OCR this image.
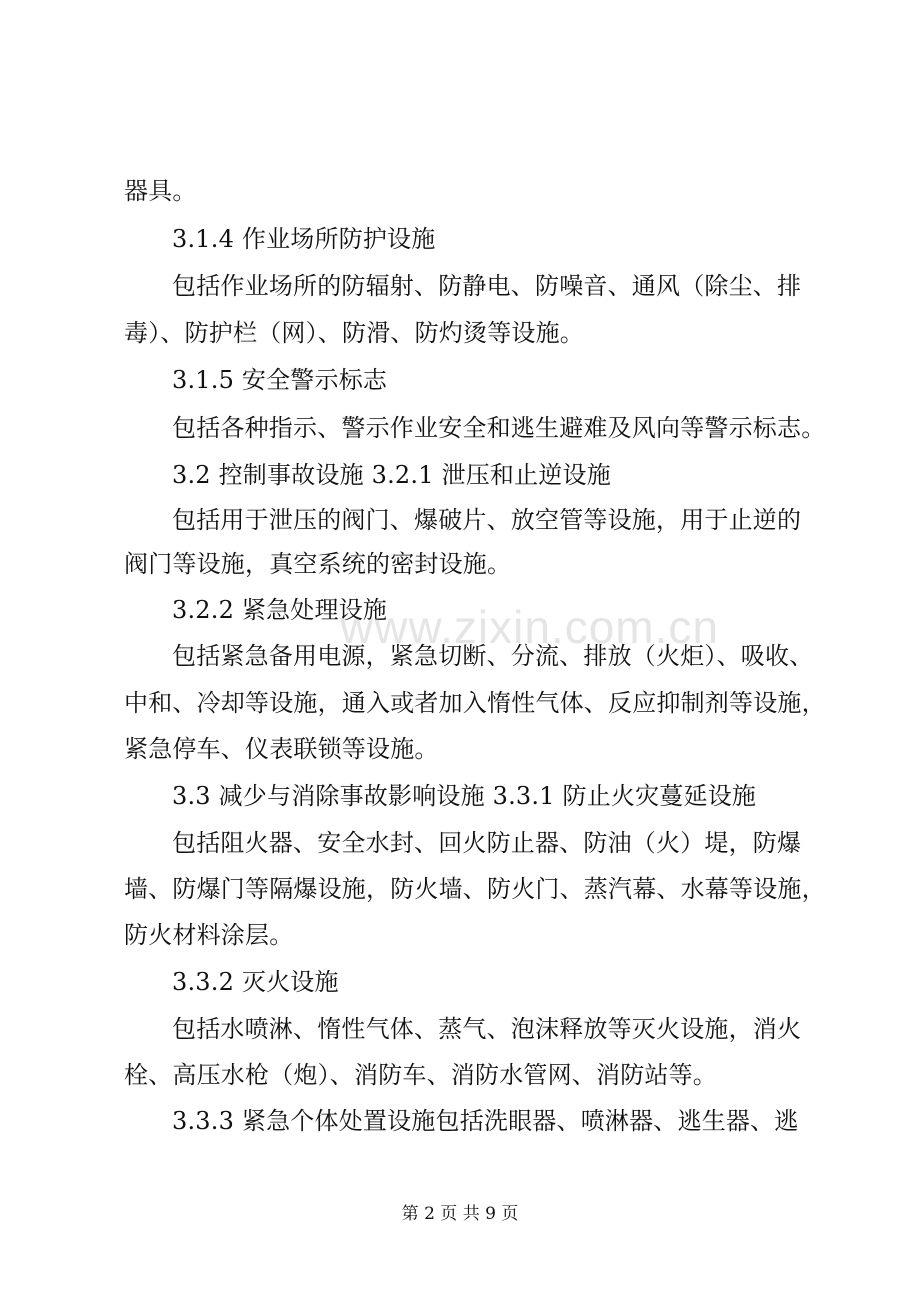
器具。
3.1.4 作业场所防护设施
包括作业场所的防辐射、防静电、防噪音、通风（除尘、排
毒）、防护栏（网）、防滑、防灼烫等设施。
3.1.5 安全警示标志
包括各种指示、警示作业安全和逃生避难及风向等警示标志。
3.2 控制事故设施 3.2.1 泄压和止逆设施
包括用于泄压的阀门、爆破片、放空管等设施，用于止逆的
阀门等设施，真空系统的密封设施。
3.2.2 紧急处理设施
www.zixin.com.cn
包括紧急备用电源，紧急切断、分流、排放（火炬）、吸收、
中和、冷却等设施，通入或者加入惰性气体、反应抑制剂等设施，
紧急停车、仪表联锁等设施。
3.3 减少与消除事故影响设施 3.3.1 防止火灾蔓延设施
包括阻火器、安全水封、回火防止器、防油（火）堤，防爆
墙、防爆门等隔爆设施，防火墙、防火门、蒸汽幕、水幕等设施，
防火材料涂层。
3.3.2 灭火设施
包括水喷淋、惰性气体、蒸气、泡沫释放等灭火设施，消火
栓、高压水枪（炮）、消防车、消防水管网、消防站等。
3.3.3 紧急个体处置设施包括洗眼器、喷淋器、逃生器、逃
第 2 页 共 9 页
